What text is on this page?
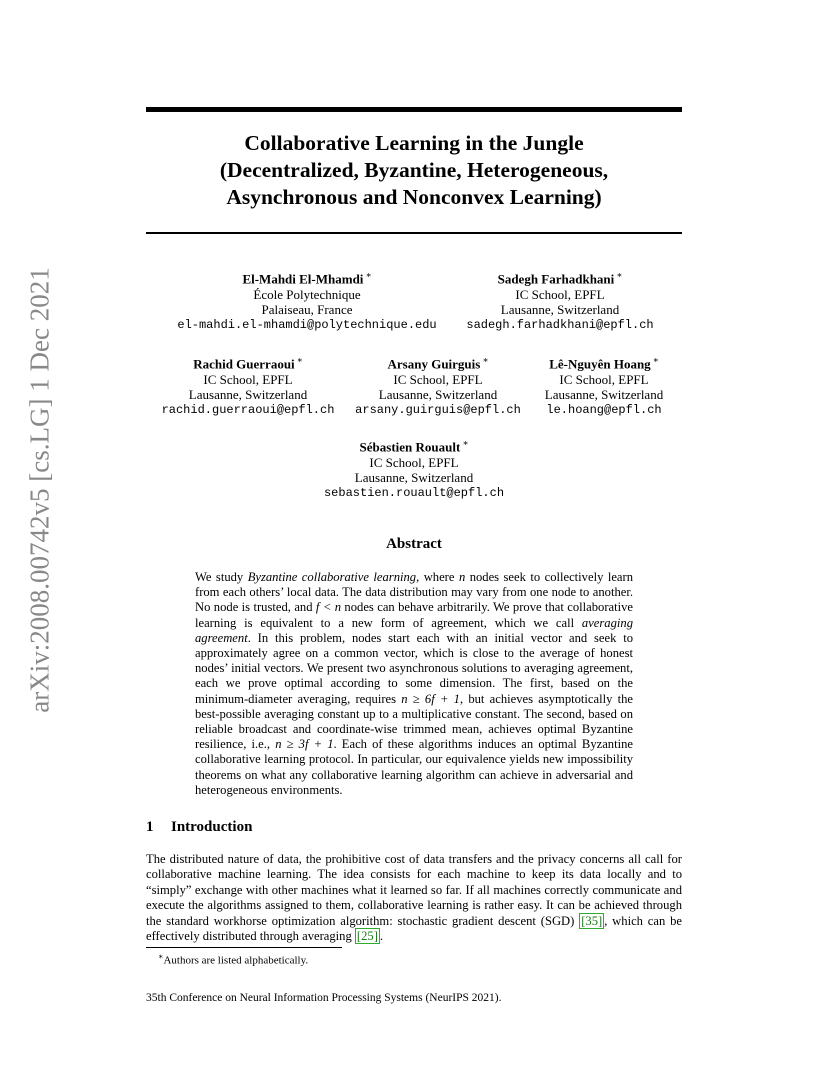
arXiv:2008.00742v5 [cs.LG] 1 Dec 2021
Collaborative Learning in the Jungle
(Decentralized, Byzantine, Heterogeneous,
Asynchronous and Nonconvex Learning)
El-Mahdi El-Mhamdi ∗
École Polytechnique
Palaiseau, France
el-mahdi.el-mhamdi@polytechnique.edu
Sadegh Farhadkhani ∗
IC School, EPFL
Lausanne, Switzerland
sadegh.farhadkhani@epfl.ch
Rachid Guerraoui ∗
IC School, EPFL
Lausanne, Switzerland
rachid.guerraoui@epfl.ch
Arsany Guirguis ∗
IC School, EPFL
Lausanne, Switzerland
arsany.guirguis@epfl.ch
Lê-Nguyên Hoang ∗
IC School, EPFL
Lausanne, Switzerland
le.hoang@epfl.ch
Sébastien Rouault ∗
IC School, EPFL
Lausanne, Switzerland
sebastien.rouault@epfl.ch
Abstract
We study Byzantine collaborative learning, where n nodes seek to collectively learn from each others’ local data. The data distribution may vary from one node to another. No node is trusted, and f < n nodes can behave arbitrarily. We prove that collaborative learning is equivalent to a new form of agreement, which we call averaging agreement. In this problem, nodes start each with an initial vector and seek to approximately agree on a common vector, which is close to the average of honest nodes’ initial vectors. We present two asynchronous solutions to averaging agreement, each we prove optimal according to some dimension. The first, based on the minimum-diameter averaging, requires n ≥ 6f + 1, but achieves asymptotically the best-possible averaging constant up to a multiplicative constant. The second, based on reliable broadcast and coordinate-wise trimmed mean, achieves optimal Byzantine resilience, i.e., n ≥ 3f + 1. Each of these algorithms induces an optimal Byzantine collaborative learning protocol. In particular, our equivalence yields new impossibility theorems on what any collaborative learning algorithm can achieve in adversarial and heterogeneous environments.
1 Introduction
The distributed nature of data, the prohibitive cost of data transfers and the privacy concerns all call for collaborative machine learning. The idea consists for each machine to keep its data locally and to “simply” exchange with other machines what it learned so far. If all machines correctly communicate and execute the algorithms assigned to them, collaborative learning is rather easy. It can be achieved through the standard workhorse optimization algorithm: stochastic gradient descent (SGD) [35] , which can be effectively distributed through averaging [25] .
∗Authors are listed alphabetically.
35th Conference on Neural Information Processing Systems (NeurIPS 2021).
